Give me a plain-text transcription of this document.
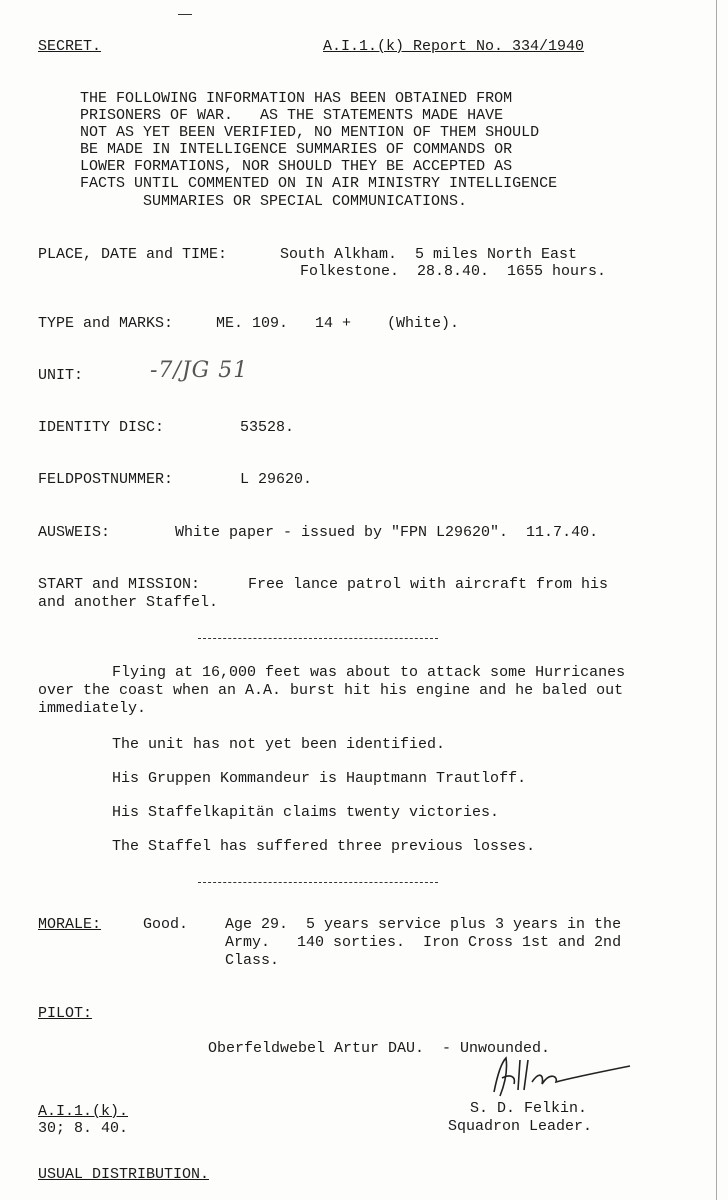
SECRET.	A.I.1.(k) Report No. 334/1940
THE FOLLOWING INFORMATION HAS BEEN OBTAINED FROM
PRISONERS OF WAR.   AS THE STATEMENTS MADE HAVE
NOT AS YET BEEN VERIFIED, NO MENTION OF THEM SHOULD
BE MADE IN INTELLIGENCE SUMMARIES OF COMMANDS OR
LOWER FORMATIONS, NOR SHOULD THEY BE ACCEPTED AS
FACTS UNTIL COMMENTED ON IN AIR MINISTRY INTELLIGENCE
SUMMARIES OR SPECIAL COMMUNICATIONS.
PLACE, DATE and TIME:	South Alkham.  5 miles North East
Folkestone.  28.8.40.  1655 hours.
TYPE and MARKS:	ME. 109.   14 +    (White).
UNIT:	-7/JG 51
IDENTITY DISC:	53528.
FELDPOSTNUMMER:	L 29620.
AUSWEIS:	White paper - issued by "FPN L29620".  11.7.40.
START and MISSION:	Free lance patrol with aircraft from his
and another Staffel.
Flying at 16,000 feet was about to attack some Hurricanes
over the coast when an A.A. burst hit his engine and he baled out
immediately.
The unit has not yet been identified.
His Gruppen Kommandeur is Hauptmann Trautloff.
His Staffelkapitän claims twenty victories.
The Staffel has suffered three previous losses.
MORALE:	Good. Age 29.  5 years service plus 3 years in the
Army.   140 sorties.  Iron Cross 1st and 2nd
Class.
PILOT:
Oberfeldwebel Artur DAU.  - Unwounded.
A.I.1.(k).
30; 8. 40.
S. D. Felkin.
Squadron Leader.
USUAL DISTRIBUTION.
